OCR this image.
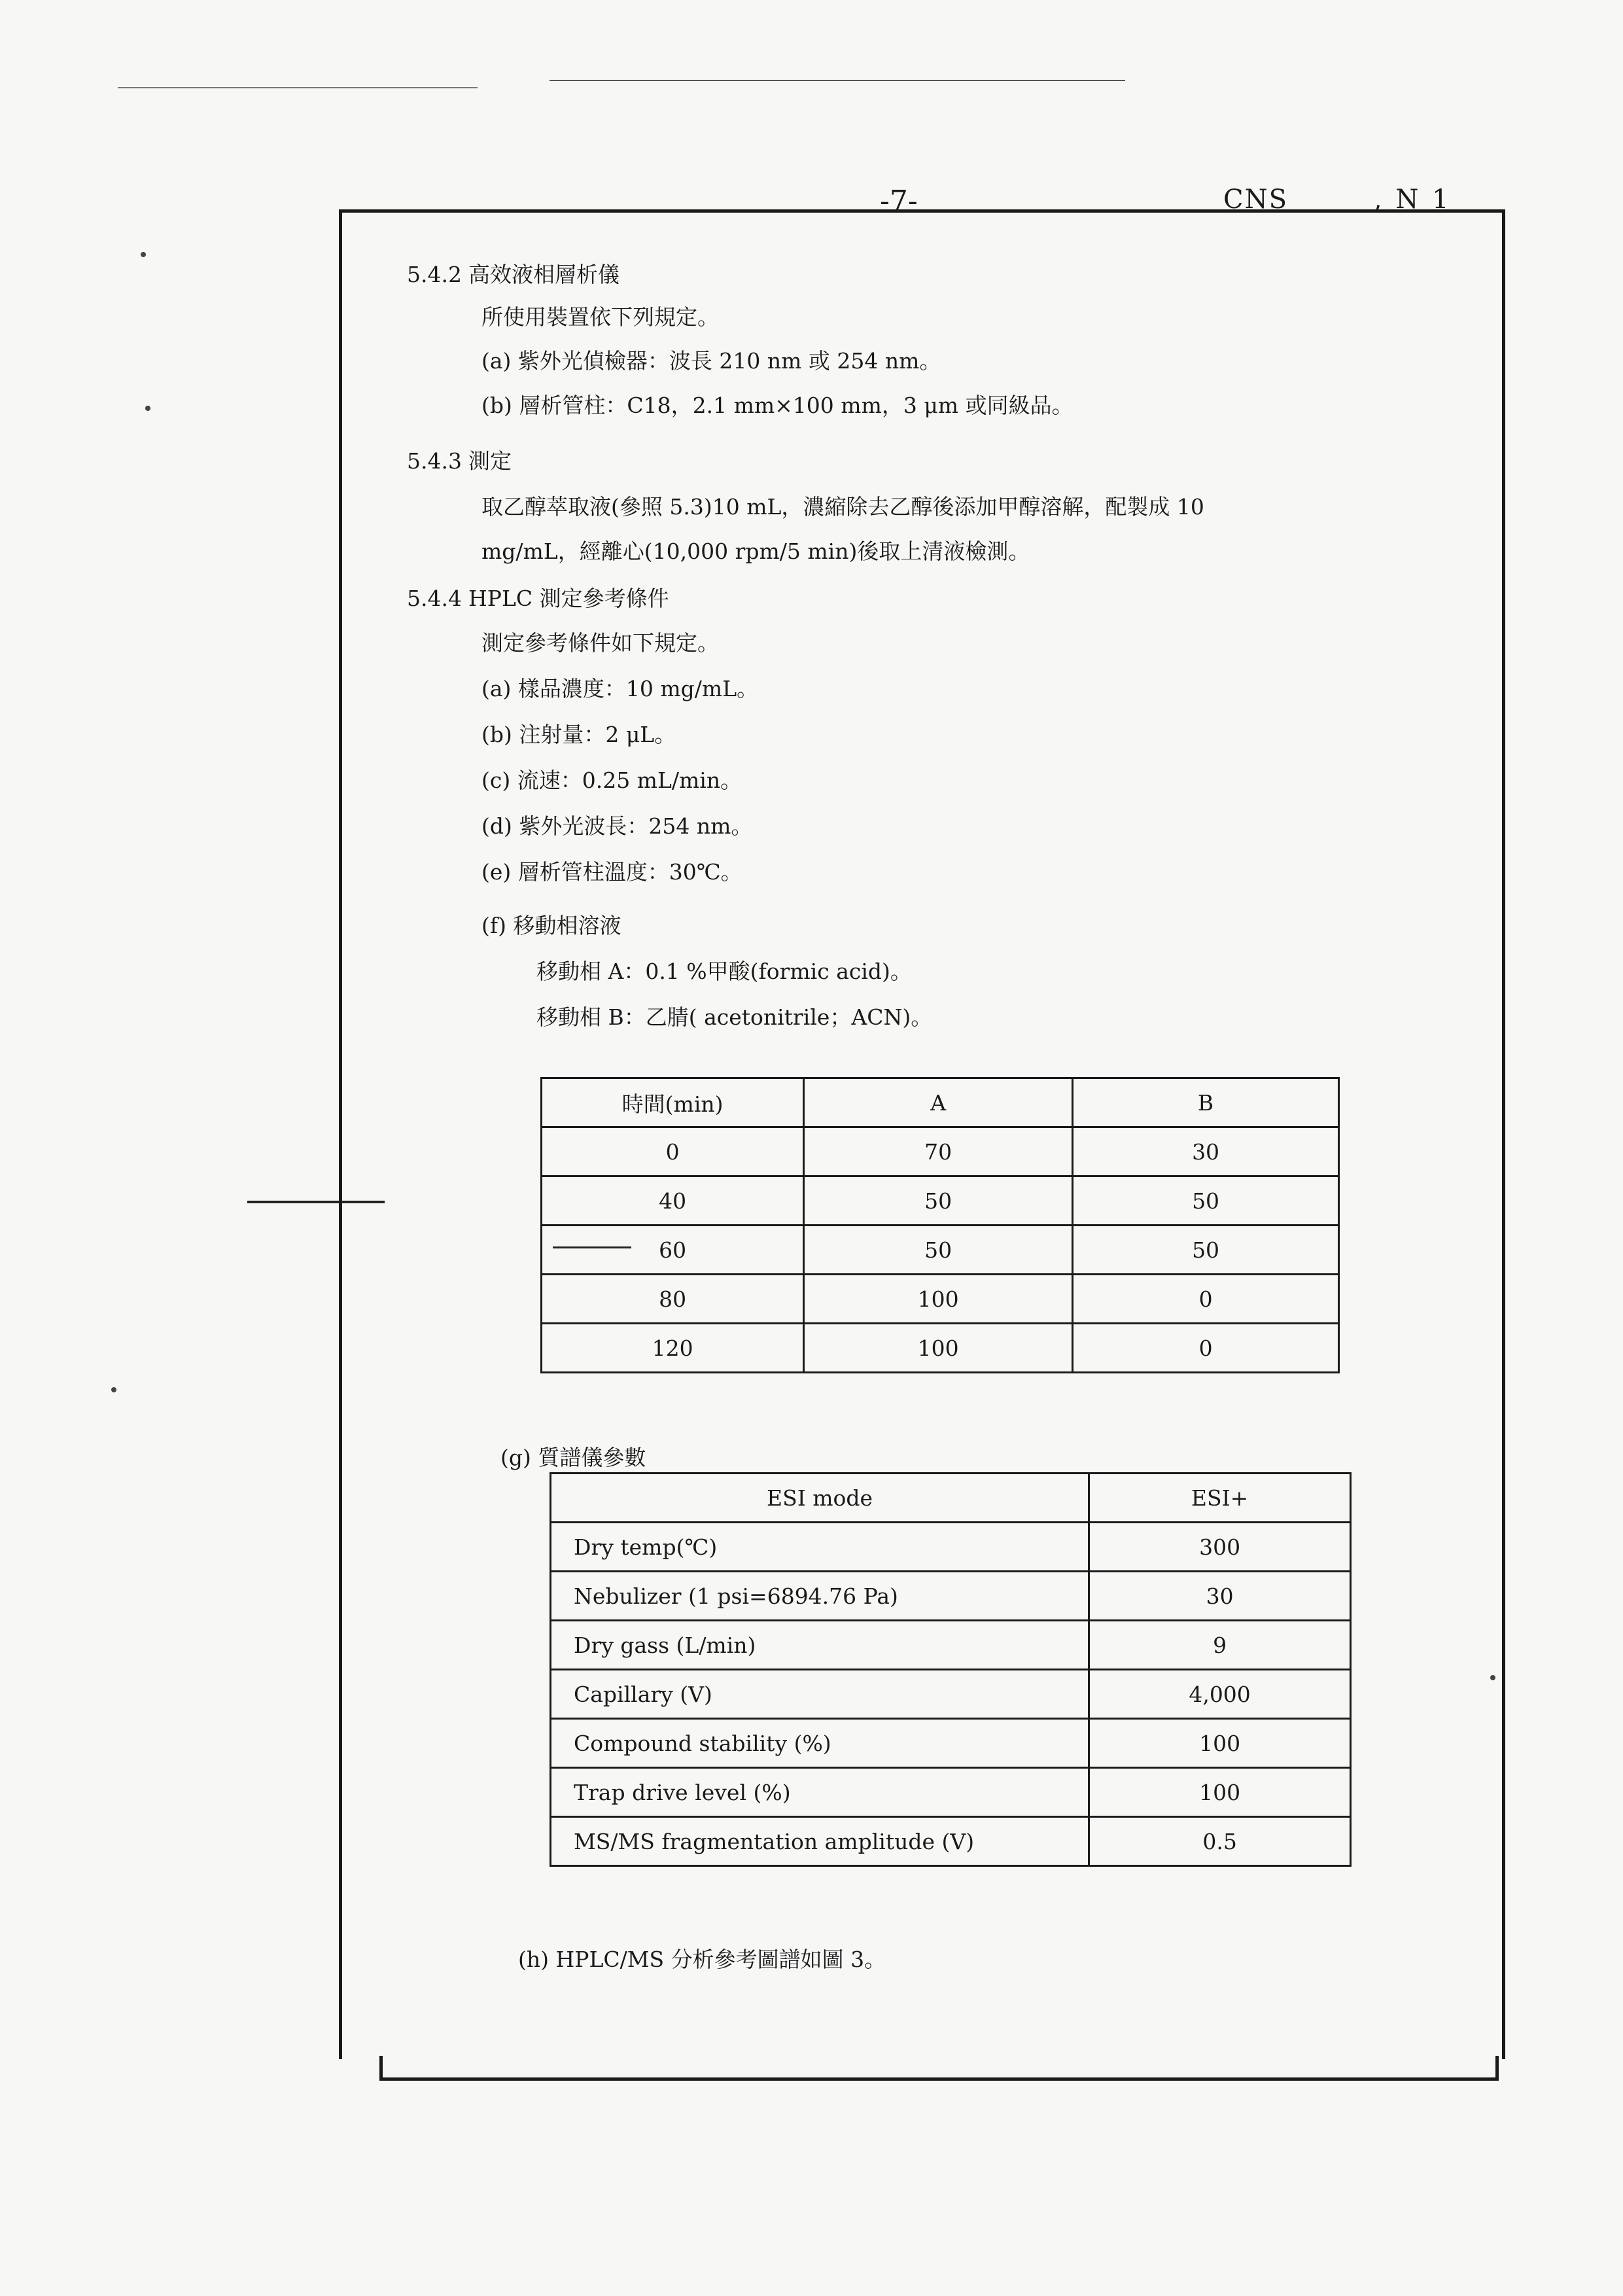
-7-	CNS	, N 1
5.4.2 高效液相層析儀
所使用裝置依下列規定。
(a) 紫外光偵檢器：波長 210 nm 或 254 nm。
(b) 層析管柱：C18，2.1 mm×100 mm，3 μm 或同級品。
5.4.3 測定
取乙醇萃取液(參照 5.3)10 mL，濃縮除去乙醇後添加甲醇溶解，配製成 10
mg/mL，經離心(10,000 rpm/5 min)後取上清液檢測。
5.4.4 HPLC 測定參考條件
測定參考條件如下規定。
(a) 樣品濃度：10 mg/mL。
(b) 注射量：2 μL。
(c) 流速：0.25 mL/min。
(d) 紫外光波長：254 nm。
(e) 層析管柱溫度：30℃。
(f) 移動相溶液
移動相 A：0.1 %甲酸(formic acid)。
移動相 B：乙腈( acetonitrile；ACN)。
時間(min)	A	B
0	70	30
40	50	50
60	50	50
80	100	0
120	100	0
(g) 質譜儀參數
ESI mode	ESI+
Dry temp(℃)	300
Nebulizer (1 psi=6894.76 Pa)	30
Dry gass (L/min)	9
Capillary (V)	4,000
Compound stability (%)	100
Trap drive level (%)	100
MS/MS fragmentation amplitude (V)	0.5
(h) HPLC/MS 分析參考圖譜如圖 3。
